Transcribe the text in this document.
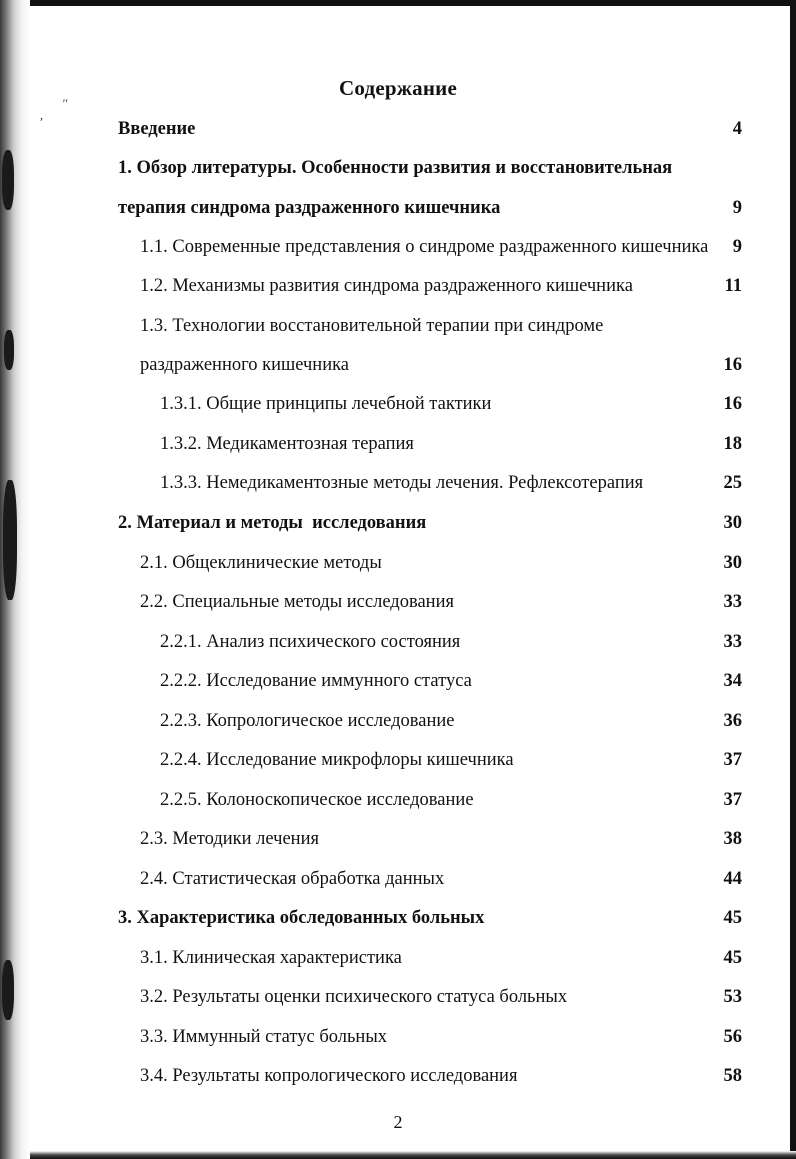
,
''
Содержание
Введение	4
1. Обзор литературы. Особенности развития и восстановительная
терапия синдрома раздраженного кишечника	9
1.1. Современные представления о синдроме раздраженного кишечника 9
1.2. Механизмы развития синдрома раздраженного кишечника	11
1.3. Технологии восстановительной терапии при синдроме
раздраженного кишечника	16
1.3.1. Общие принципы лечебной тактики	16
1.3.2. Медикаментозная терапия	18
1.3.3. Немедикаментозные методы лечения. Рефлексотерапия	25
2. Материал и методы  исследования	30
2.1. Общеклинические методы	30
2.2. Специальные методы исследования	33
2.2.1. Анализ психического состояния	33
2.2.2. Исследование иммунного статуса	34
2.2.3. Копрологическое исследование	36
2.2.4. Исследование микрофлоры кишечника	37
2.2.5. Колоноскопическое исследование	37
2.3. Методики лечения	38
2.4. Статистическая обработка данных	44
3. Характеристика обследованных больных	45
3.1. Клиническая характеристика	45
3.2. Результаты оценки психического статуса больных	53
3.3. Иммунный статус больных	56
3.4. Результаты копрологического исследования	58
2
